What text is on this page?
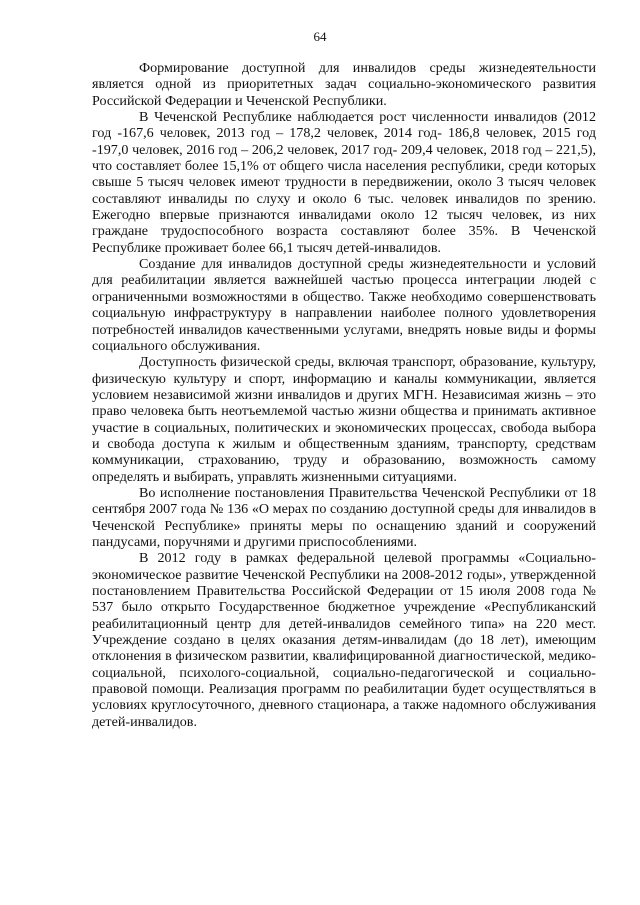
64

Формирование доступной для инвалидов среды жизнедеятельности является одной из приоритетных задач социально-экономического развития Российской Федерации и Чеченской Республики.

В Чеченской Республике наблюдается рост численности инвалидов (2012 год -167,6 человек, 2013 год – 178,2 человек, 2014 год- 186,8 человек, 2015 год -197,0 человек, 2016 год – 206,2 человек, 2017 год- 209,4 человек, 2018 год – 221,5), что составляет более 15,1% от общего числа населения республики, среди которых свыше 5 тысяч человек имеют трудности в передвижении, около 3 тысяч человек составляют инвалиды по слуху и около 6 тыс. человек инвалидов по зрению. Ежегодно впервые признаются инвалидами около 12 тысяч человек, из них граждане трудоспособного возраста составляют более 35%. В Чеченской Республике проживает более 66,1 тысяч детей-инвалидов.

Создание для инвалидов доступной среды жизнедеятельности и условий для реабилитации является важнейшей частью процесса интеграции людей с ограниченными возможностями в общество. Также необходимо совершенствовать социальную инфраструктуру в направлении наиболее полного удовлетворения потребностей инвалидов качественными услугами, внедрять новые виды и формы социального обслуживания.

Доступность физической среды, включая транспорт, образование, культуру, физическую культуру и спорт, информацию и каналы коммуникации, является условием независимой жизни инвалидов и других МГН. Независимая жизнь – это право человека быть неотъемлемой частью жизни общества и принимать активное участие в социальных, политических и экономических процессах, свобода выбора и свобода доступа к жилым и общественным зданиям, транспорту, средствам коммуникации, страхованию, труду и образованию, возможность самому определять и выбирать, управлять жизненными ситуациями.

Во исполнение постановления Правительства Чеченской Республики от 18 сентября 2007 года № 136 «О мерах по созданию доступной среды для инвалидов в Чеченской Республике» приняты меры по оснащению зданий и сооружений пандусами, поручнями и другими приспособлениями.

В 2012 году в рамках федеральной целевой программы «Социально-экономическое развитие Чеченской Республики на 2008-2012 годы», утвержденной постановлением Правительства Российской Федерации от 15 июля 2008 года № 537 было открыто Государственное бюджетное учреждение «Республиканский реабилитационный центр для детей-инвалидов семейного типа» на 220 мест. Учреждение создано в целях оказания детям-инвалидам (до 18 лет), имеющим отклонения в физическом развитии, квалифицированной диагностической, медико-социальной, психолого-социальной, социально-педагогической и социально-правовой помощи. Реализация программ по реабилитации будет осуществляться в условиях круглосуточного, дневного стационара, а также надомного обслуживания детей-инвалидов.
